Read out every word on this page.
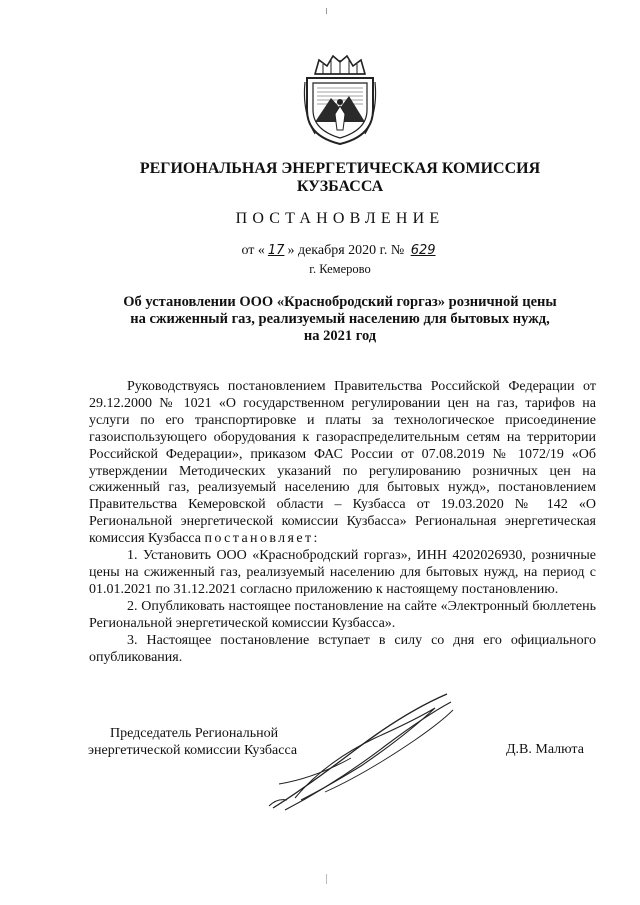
РЕГИОНАЛЬНАЯ ЭНЕРГЕТИЧЕСКАЯ КОМИССИЯ
КУЗБАССА
ПОСТАНОВЛЕНИЕ
от « 17 » декабря 2020 г. № 629
г. Кемерово
Об установлении ООО «Краснобродский горгаз» розничной цены
на сжиженный газ, реализуемый населению для бытовых нужд,
на 2021 год

Руководствуясь постановлением Правительства Российской Федерации от 29.12.2000 № 1021 «О государственном регулировании цен на газ, тарифов на услуги по его транспортировке и платы за технологическое присоединение газоиспользующего оборудования к газораспределительным сетям на территории Российской Федерации», приказом ФАС России от 07.08.2019 № 1072/19 «Об утверждении Методических указаний по регулированию розничных цен на сжиженный газ, реализуемый населению для бытовых нужд», постановлением Правительства Кемеровской области – Кузбасса от 19.03.2020 № 142 «О Региональной энергетической комиссии Кузбасса» Региональная энергетическая комиссия Кузбасса постановляет:

1. Установить ООО «Краснобродский горгаз», ИНН 4202026930, розничные цены на сжиженный газ, реализуемый населению для бытовых нужд, на период с 01.01.2021 по 31.12.2021 согласно приложению к настоящему постановлению.

2. Опубликовать настоящее постановление на сайте «Электронный бюллетень Региональной энергетической комиссии Кузбасса».

3. Настоящее постановление вступает в силу со дня его официального опубликования.

Председатель Региональной
энергетической комиссии Кузбасса	Д.В. Малюта
